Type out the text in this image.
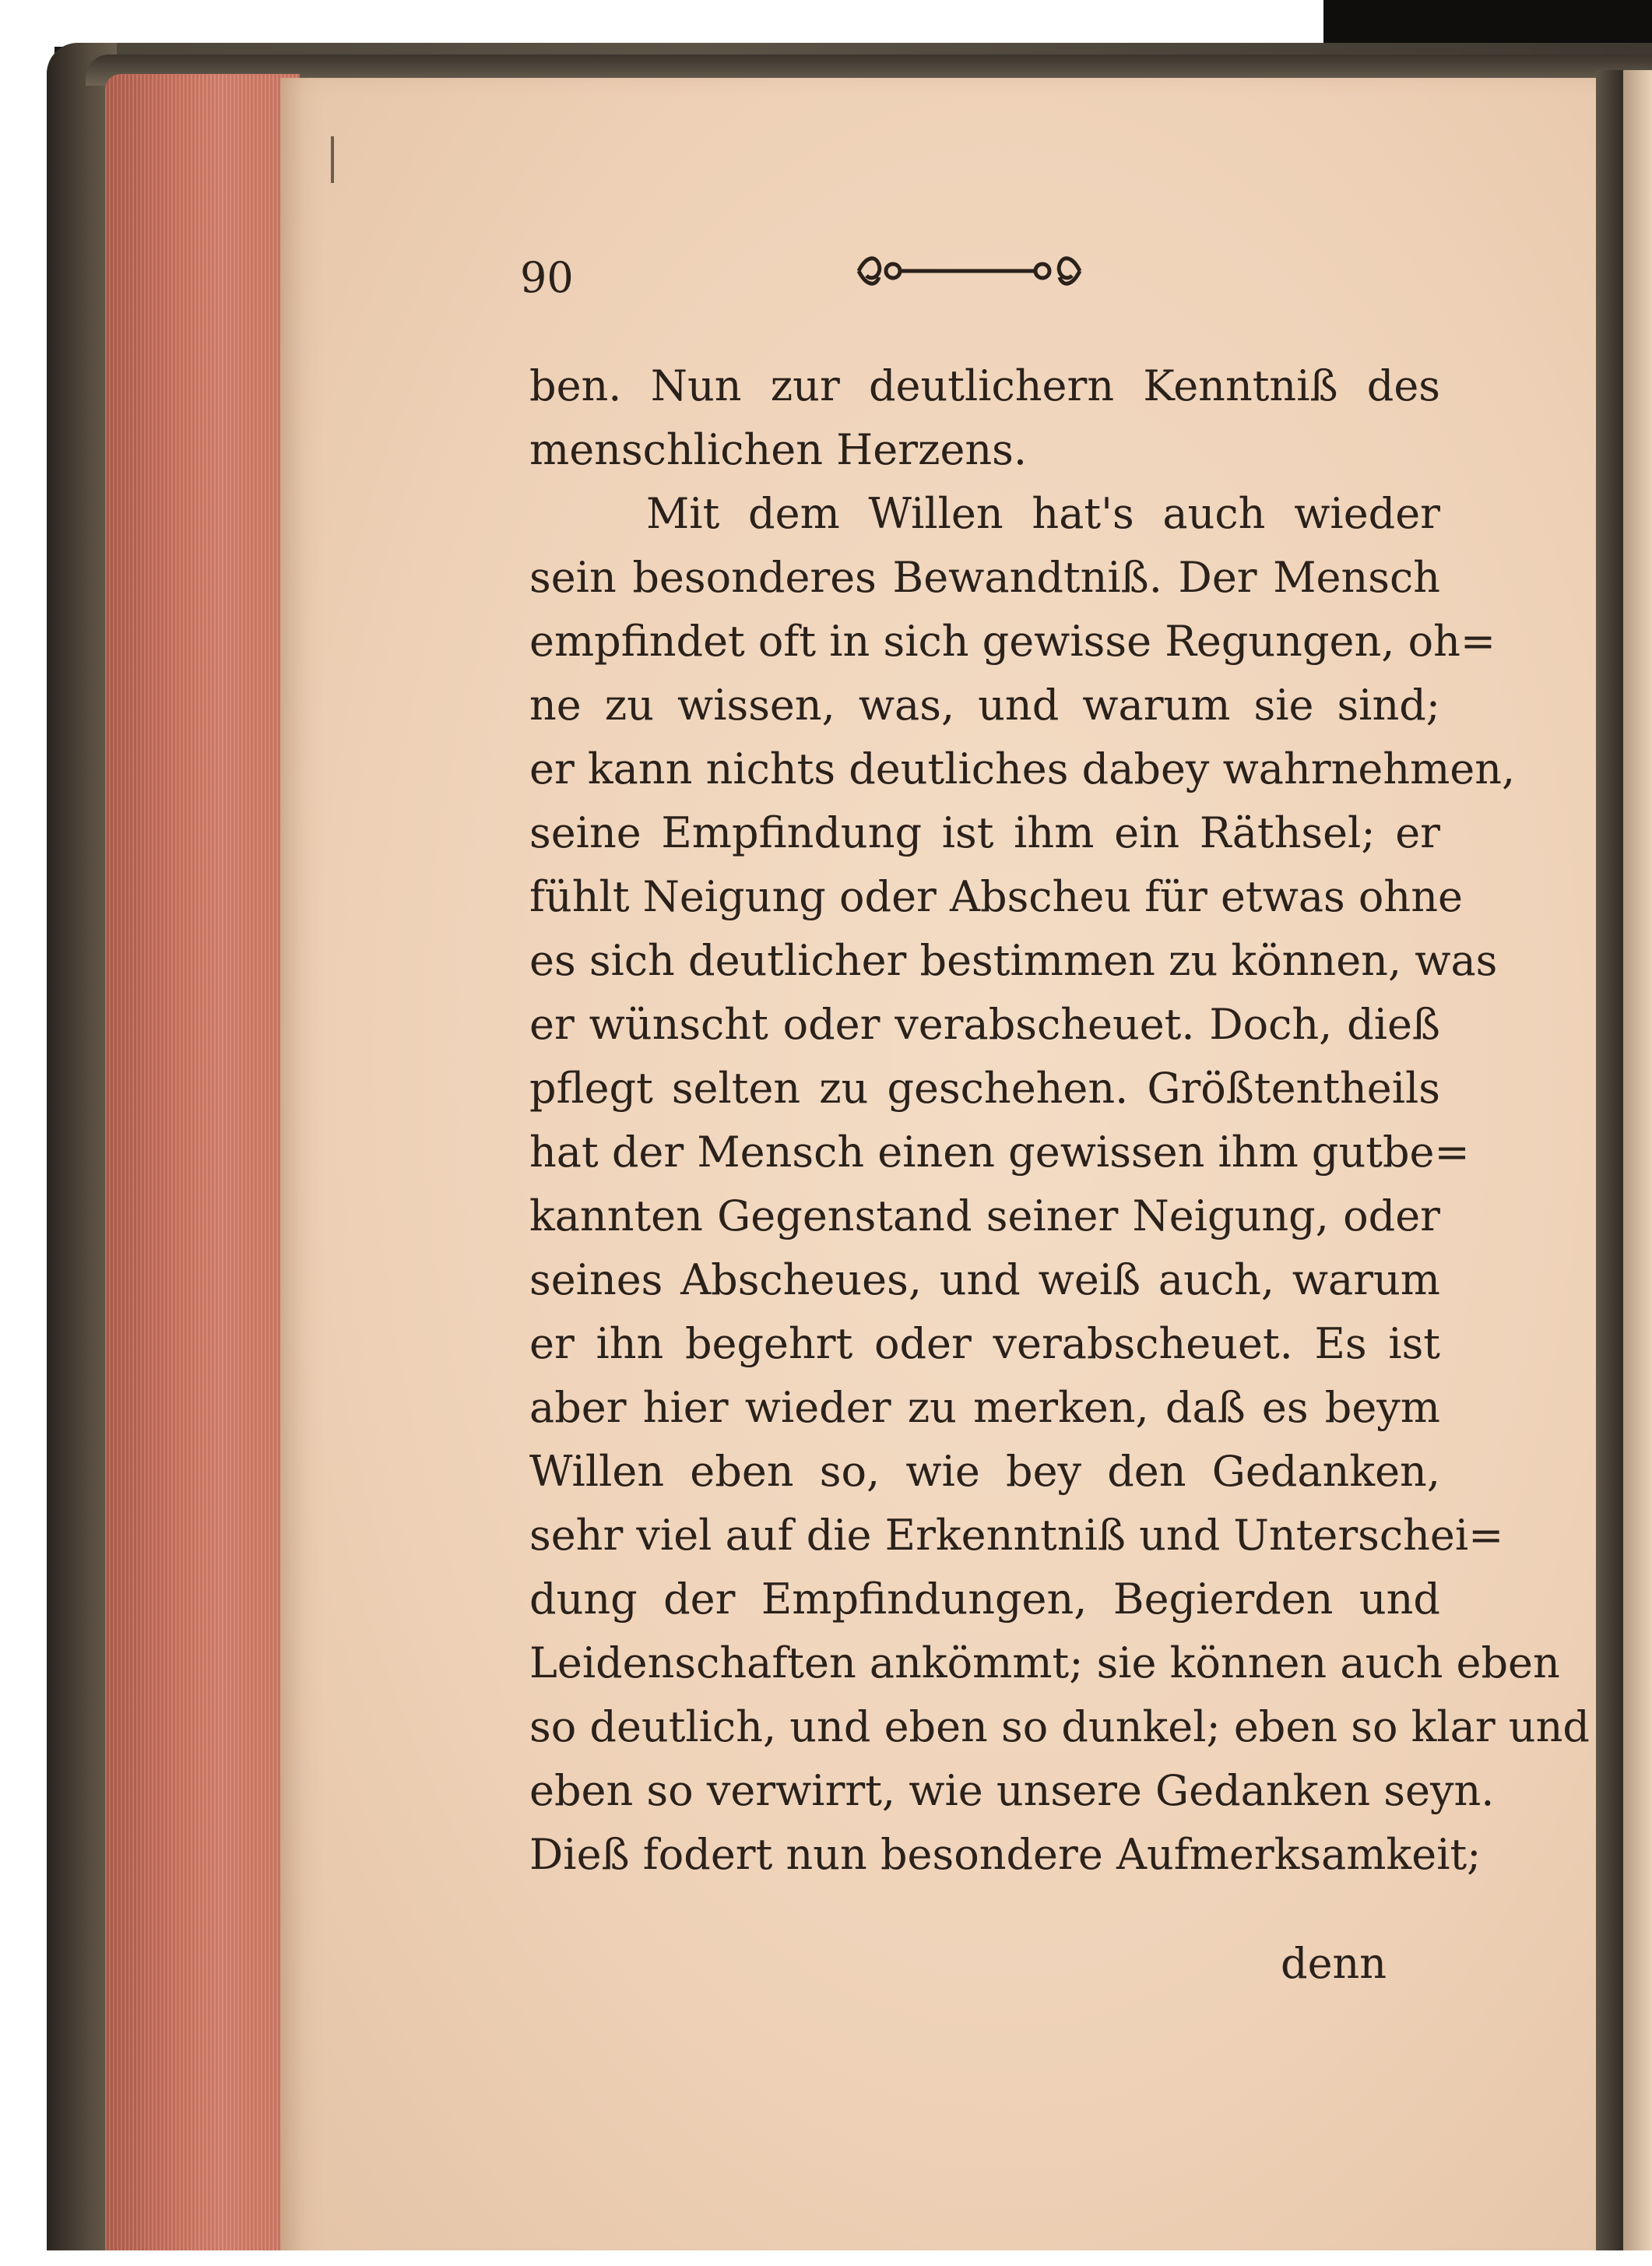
90
ben. Nun zur deutlichern Kenntniß des
menschlichen Herzens.
Mit dem Willen hat's auch wieder
sein besonderes Bewandtniß. Der Mensch
empfindet oft in sich gewisse Regungen, oh=
ne zu wissen, was, und warum sie sind;
er kann nichts deutliches dabey wahrnehmen,
seine Empfindung ist ihm ein Räthsel; er
fühlt Neigung oder Abscheu für etwas ohne
es sich deutlicher bestimmen zu können, was
er wünscht oder verabscheuet. Doch, dieß
pflegt selten zu geschehen. Größtentheils
hat der Mensch einen gewissen ihm gutbe=
kannten Gegenstand seiner Neigung, oder
seines Abscheues, und weiß auch, warum
er ihn begehrt oder verabscheuet. Es ist
aber hier wieder zu merken, daß es beym
Willen eben so, wie bey den Gedanken,
sehr viel auf die Erkenntniß und Unterschei=
dung der Empfindungen, Begierden und
Leidenschaften ankömmt; sie können auch eben
so deutlich, und eben so dunkel; eben so klar und
eben so verwirrt, wie unsere Gedanken seyn.
Dieß fodert nun besondere Aufmerksamkeit;
denn
